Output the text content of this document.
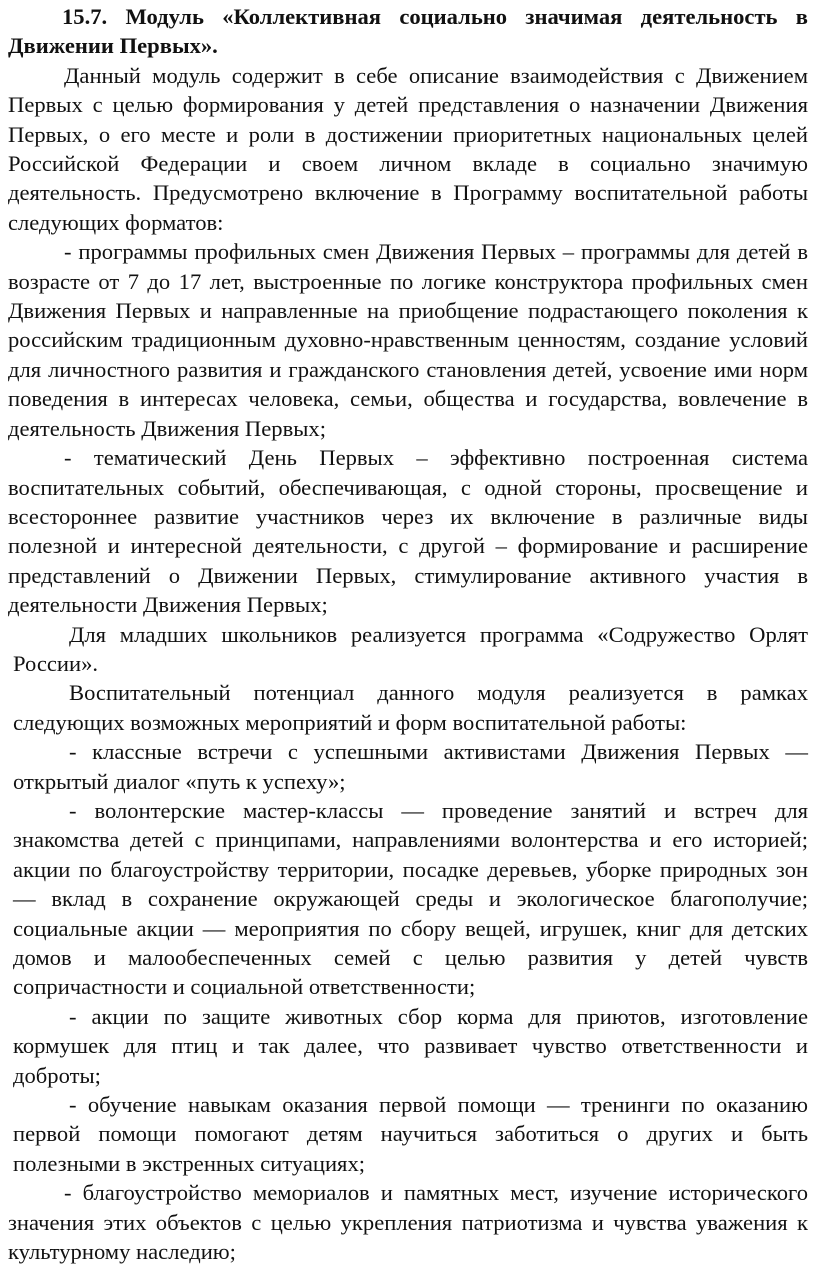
15.7. Модуль «Коллективная социально значимая деятельность в Движении Первых».

Данный модуль содержит в себе описание взаимодействия с Движением Первых с целью формирования у детей представления о назначении Движения Первых, о его месте и роли в достижении приоритетных национальных целей Российской Федерации и своем личном вкладе в социально значимую деятельность. Предусмотрено включение в Программу воспитательной работы следующих форматов:

- программы профильных смен Движения Первых – программы для детей в возрасте от 7 до 17 лет, выстроенные по логике конструктора профильных смен Движения Первых и направленные на приобщение подрастающего поколения к российским традиционным духовно-нравственным ценностям, создание условий для личностного развития и гражданского становления детей, усвоение ими норм поведения в интересах человека, семьи, общества и государства, вовлечение в деятельность Движения Первых;

- тематический День Первых – эффективно построенная система воспитательных событий, обеспечивающая, с одной стороны, просвещение и всестороннее развитие участников через их включение в различные виды полезной и интересной деятельности, с другой – формирование и расширение представлений о Движении Первых, стимулирование активного участия в деятельности Движения Первых;

Для младших школьников реализуется программа «Содружество Орлят России».

Воспитательный потенциал данного модуля реализуется в рамках следующих возможных мероприятий и форм воспитательной работы:

- классные встречи с успешными активистами Движения Первых — открытый диалог «путь к успеху»;

- волонтерские мастер-классы — проведение занятий и встреч для знакомства детей с принципами, направлениями волонтерства и его историей; акции по благоустройству территории, посадке деревьев, уборке природных зон — вклад в сохранение окружающей среды и экологическое благополучие; социальные акции — мероприятия по сбору вещей, игрушек, книг для детских домов и малообеспеченных семей с целью развития у детей чувств сопричастности и социальной ответственности;

- акции по защите животных сбор корма для приютов, изготовление кормушек для птиц и так далее, что развивает чувство ответственности и доброты;

- обучение навыкам оказания первой помощи — тренинги по оказанию первой помощи помогают детям научиться заботиться о других и быть полезными в экстренных ситуациях;

- благоустройство мемориалов и памятных мест, изучение исторического значения этих объектов с целью укрепления патриотизма и чувства уважения к культурному наследию;
